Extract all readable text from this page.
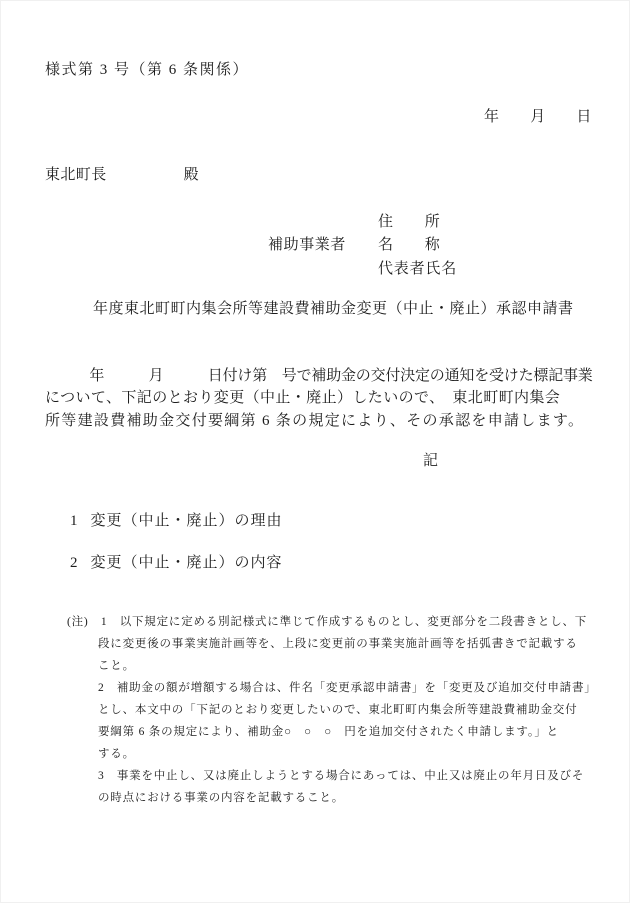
様式第 3 号（第 6 条関係）
年　　月　　日
東北町長　　　　　殿
補助事業者
住　　所
名　　称
代表者氏名
年度東北町町内集会所等建設費補助金変更（中止・廃止）承認申請書
　　　年　　　月　　　日付け第　号で補助金の交付決定の通知を受けた標記事業
について、下記のとおり変更（中止・廃止）したいので、　東北町町内集会
所等建設費補助金交付要綱第 6 条の規定により、その承認を申請します。
記

1 変更（中止・廃止）の理由

2 変更（中止・廃止）の内容

(注)　1　以下規定に定める別記様式に準じて作成するものとし、変更部分を二段書きとし、下
段に変更後の事業実施計画等を、上段に変更前の事業実施計画等を括弧書きで記載する
こと。
2　補助金の額が増額する場合は、件名「変更承認申請書」を「変更及び追加交付申請書」
とし、本文中の「下記のとおり変更したいので、東北町町内集会所等建設費補助金交付
要綱第 6 条の規定により、補助金○　○　○　円を追加交付されたく申請します。」と
する。
3　事業を中止し、又は廃止しようとする場合にあっては、中止又は廃止の年月日及びそ
の時点における事業の内容を記載すること。
